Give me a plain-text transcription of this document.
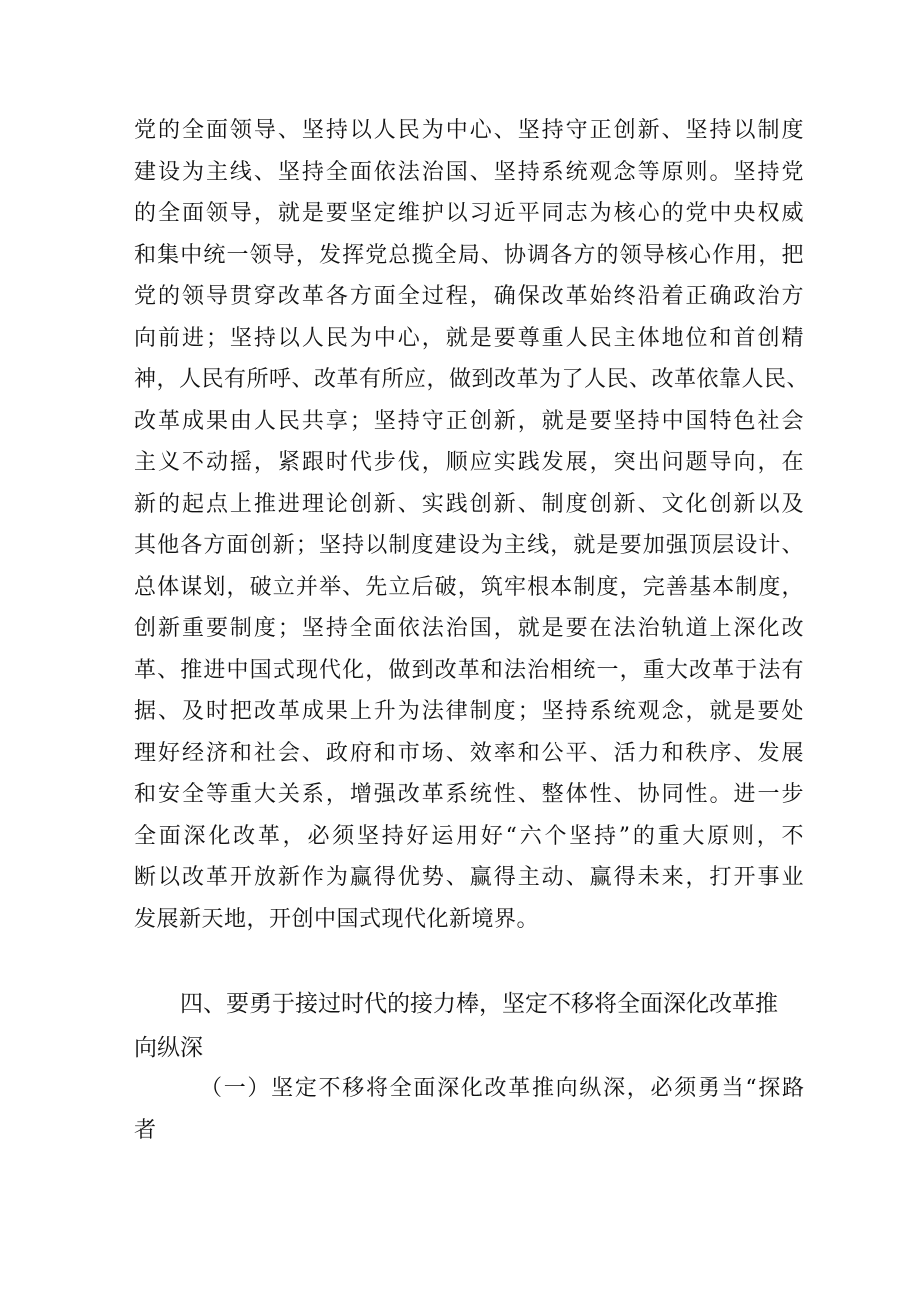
党的全面领导、坚持以人民为中心、坚持守正创新、坚持以制度
建设为主线、坚持全面依法治国、坚持系统观念等原则。坚持党
的全面领导，就是要坚定维护以习近平同志为核心的党中央权威
和集中统一领导，发挥党总揽全局、协调各方的领导核心作用，把
党的领导贯穿改革各方面全过程，确保改革始终沿着正确政治方
向前进；坚持以人民为中心，就是要尊重人民主体地位和首创精
神，人民有所呼、改革有所应，做到改革为了人民、改革依靠人民、
改革成果由人民共享；坚持守正创新，就是要坚持中国特色社会
主义不动摇，紧跟时代步伐，顺应实践发展，突出问题导向，在
新的起点上推进理论创新、实践创新、制度创新、文化创新以及
其他各方面创新；坚持以制度建设为主线，就是要加强顶层设计、
总体谋划，破立并举、先立后破，筑牢根本制度，完善基本制度，
创新重要制度；坚持全面依法治国，就是要在法治轨道上深化改
革、推进中国式现代化，做到改革和法治相统一，重大改革于法有
据、及时把改革成果上升为法律制度；坚持系统观念，就是要处
理好经济和社会、政府和市场、效率和公平、活力和秩序、发展
和安全等重大关系，增强改革系统性、整体性、协同性。进一步
全面深化改革，必须坚持好运用好“六个坚持”的重大原则，不
断以改革开放新作为赢得优势、赢得主动、赢得未来，打开事业
发展新天地，开创中国式现代化新境界。
四、要勇于接过时代的接力棒，坚定不移将全面深化改革推
向纵深
（一）坚定不移将全面深化改革推向纵深，必须勇当“探路
者
